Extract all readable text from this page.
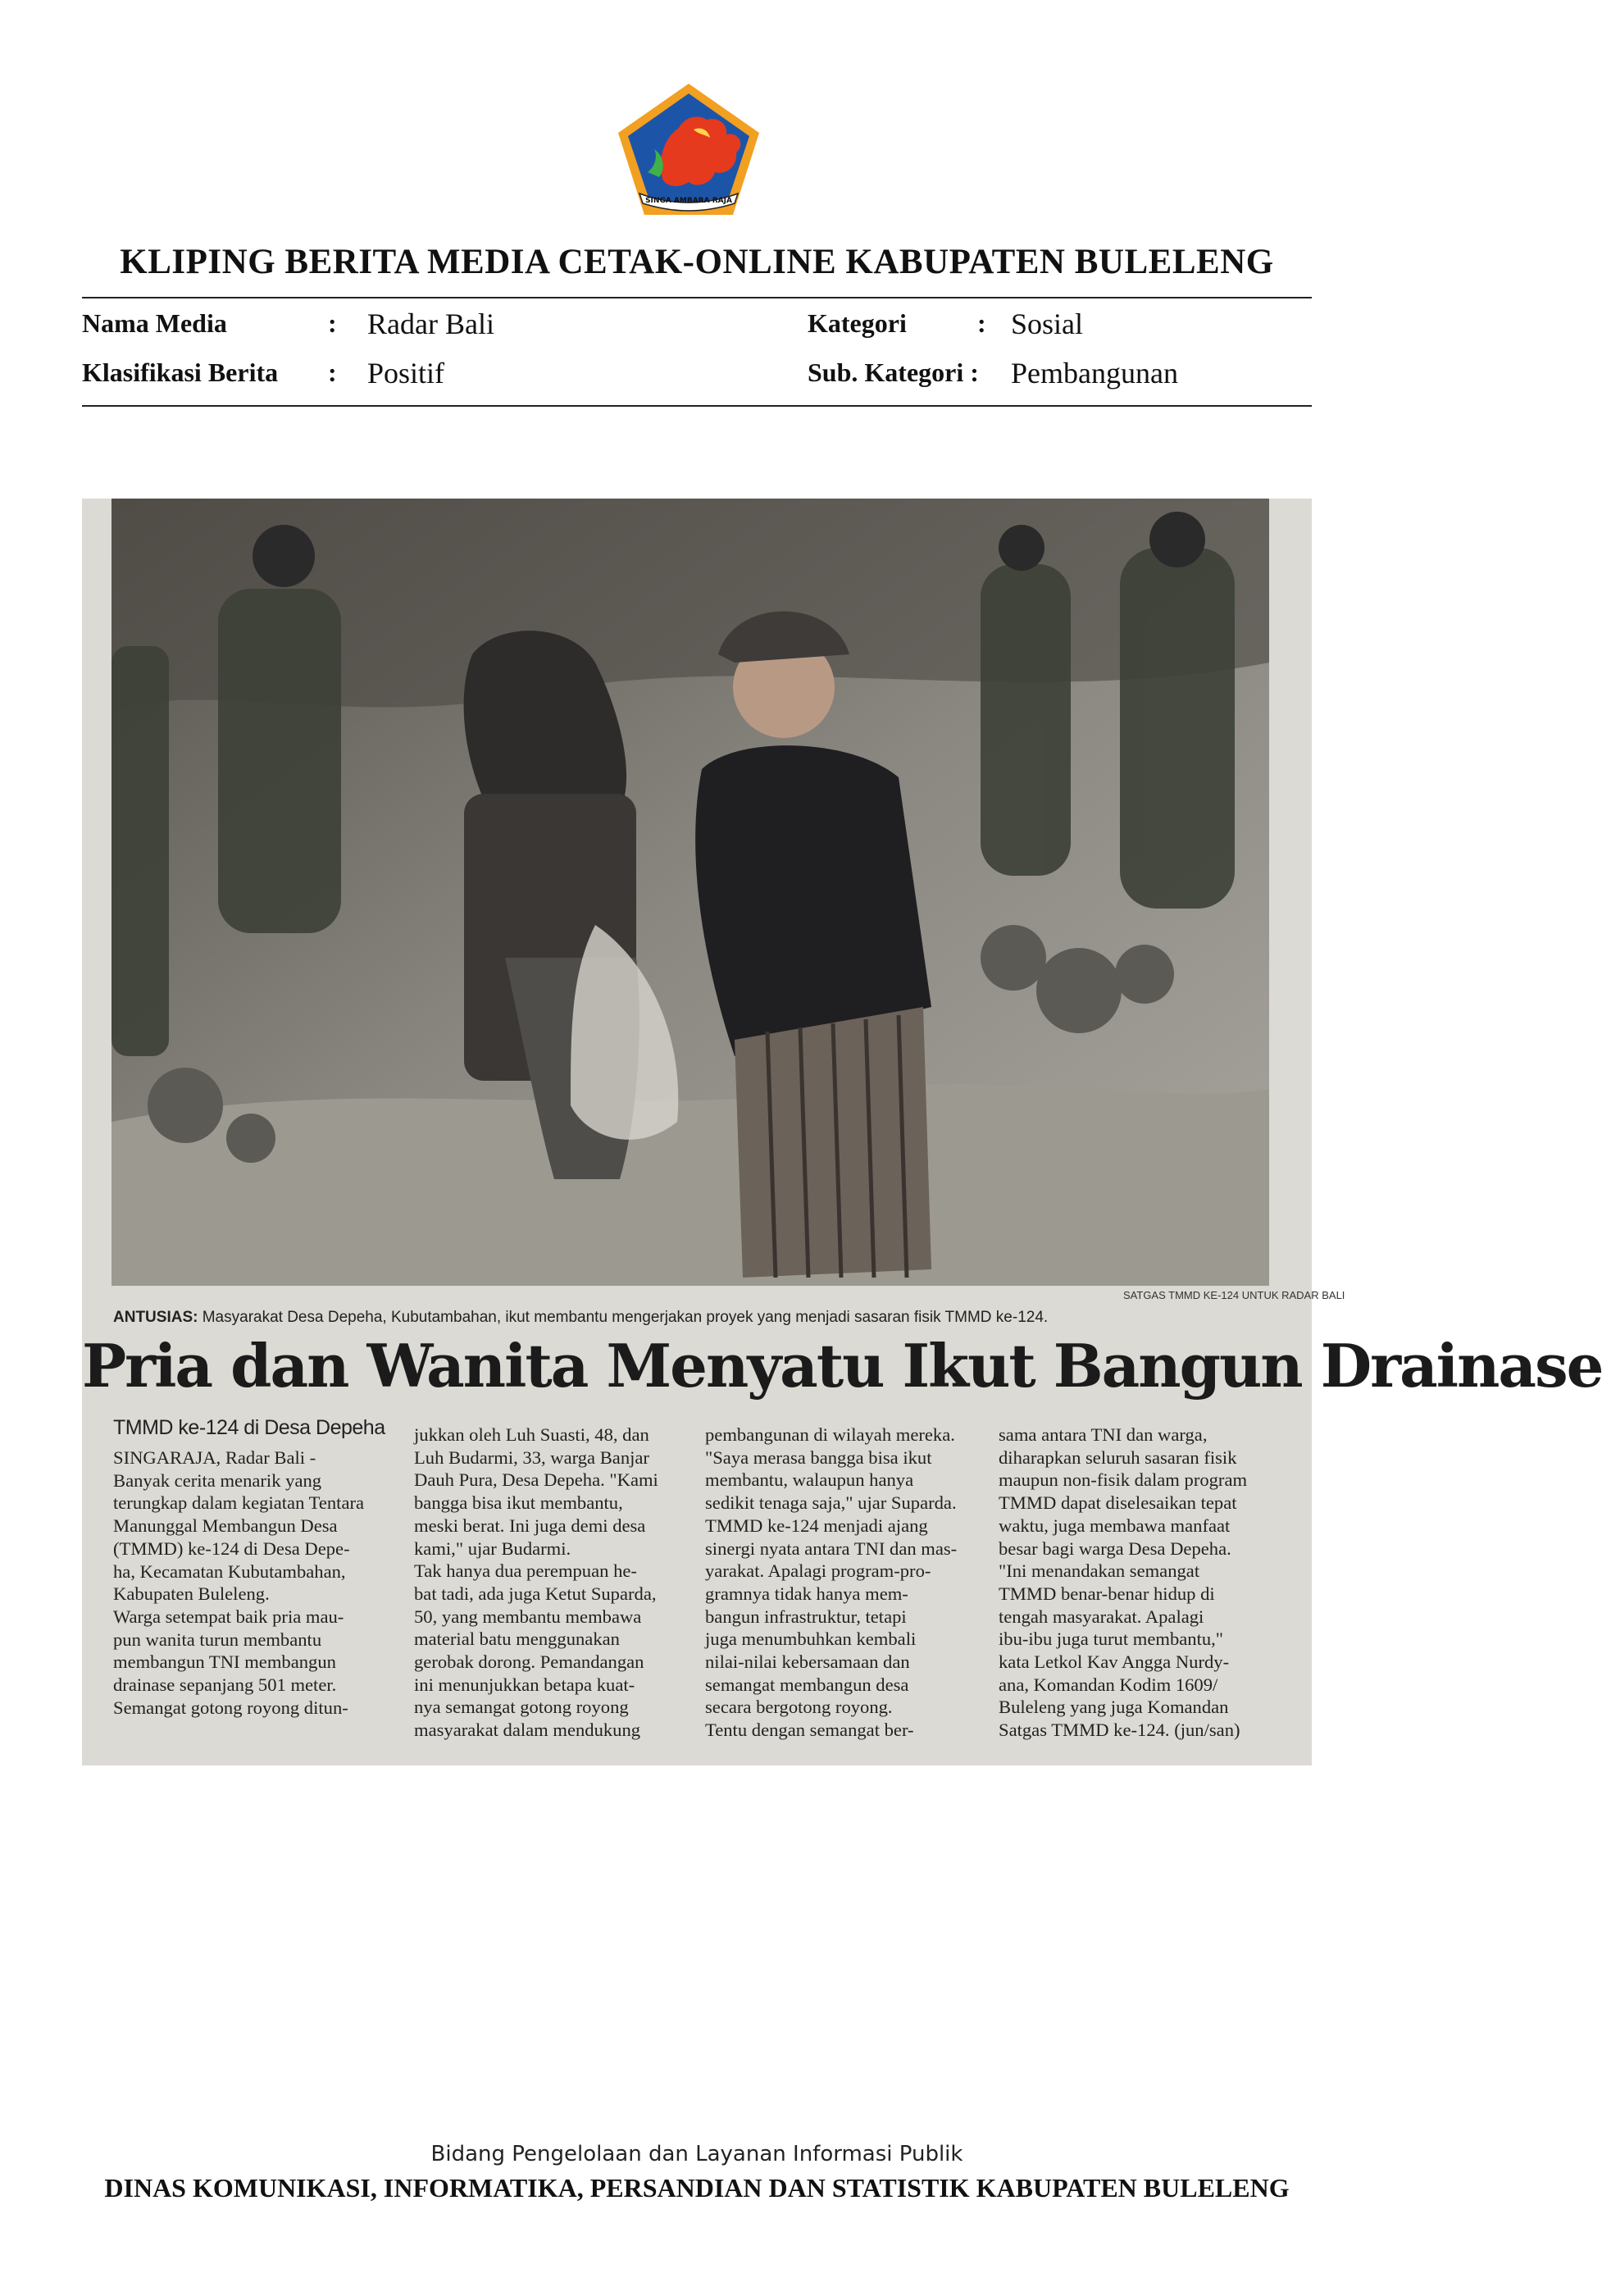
SINGA AMBARA RAJA
KLIPING BERITA MEDIA CETAK-ONLINE KABUPATEN BULELENG
Nama Media	: Radar Bali	Kategori	: Sosial
Klasifikasi Berita : Positif	Sub. Kategori : Pembangunan
SATGAS TMMD KE-124 UNTUK RADAR BALI
ANTUSIAS: Masyarakat Desa Depeha, Kubutambahan, ikut membantu mengerjakan proyek yang menjadi sasaran fisik TMMD ke-124.
Pria dan Wanita Menyatu Ikut Bangun Drainase
TMMD ke-124 di Desa Depeha
SINGARAJA, Radar Bali -
Banyak cerita menarik yang
terungkap dalam kegiatan Tentara
Manunggal Membangun Desa
(TMMD) ke-124 di Desa Depe-
ha, Kecamatan Kubutambahan,
Kabupaten Buleleng.
Warga setempat baik pria mau-
pun wanita turun membantu
membangun TNI membangun
drainase sepanjang 501 meter.
Semangat gotong royong ditun-
jukkan oleh Luh Suasti, 48, dan
Luh Budarmi, 33, warga Banjar
Dauh Pura, Desa Depeha. "Kami
bangga bisa ikut membantu,
meski berat. Ini juga demi desa
kami," ujar Budarmi.
Tak hanya dua perempuan he-
bat tadi, ada juga Ketut Suparda,
50, yang membantu membawa
material batu menggunakan
gerobak dorong. Pemandangan
ini menunjukkan betapa kuat-
nya semangat gotong royong
masyarakat dalam mendukung
pembangunan di wilayah mereka.
"Saya merasa bangga bisa ikut
membantu, walaupun hanya
sedikit tenaga saja," ujar Suparda.
TMMD ke-124 menjadi ajang
sinergi nyata antara TNI dan mas-
yarakat. Apalagi program-pro-
gramnya tidak hanya mem-
bangun infrastruktur, tetapi
juga menumbuhkan kembali
nilai-nilai kebersamaan dan
semangat membangun desa
secara bergotong royong.
Tentu dengan semangat ber-
sama antara TNI dan warga,
diharapkan seluruh sasaran fisik
maupun non-fisik dalam program
TMMD dapat diselesaikan tepat
waktu, juga membawa manfaat
besar bagi warga Desa Depeha.
"Ini menandakan semangat
TMMD benar-benar hidup di
tengah masyarakat. Apalagi
ibu-ibu juga turut membantu,"
kata Letkol Kav Angga Nurdy-
ana, Komandan Kodim 1609/
Buleleng yang juga Komandan
Satgas TMMD ke-124. (jun/san)
Bidang Pengelolaan dan Layanan Informasi Publik
DINAS KOMUNIKASI, INFORMATIKA, PERSANDIAN DAN STATISTIK KABUPATEN BULELENG
